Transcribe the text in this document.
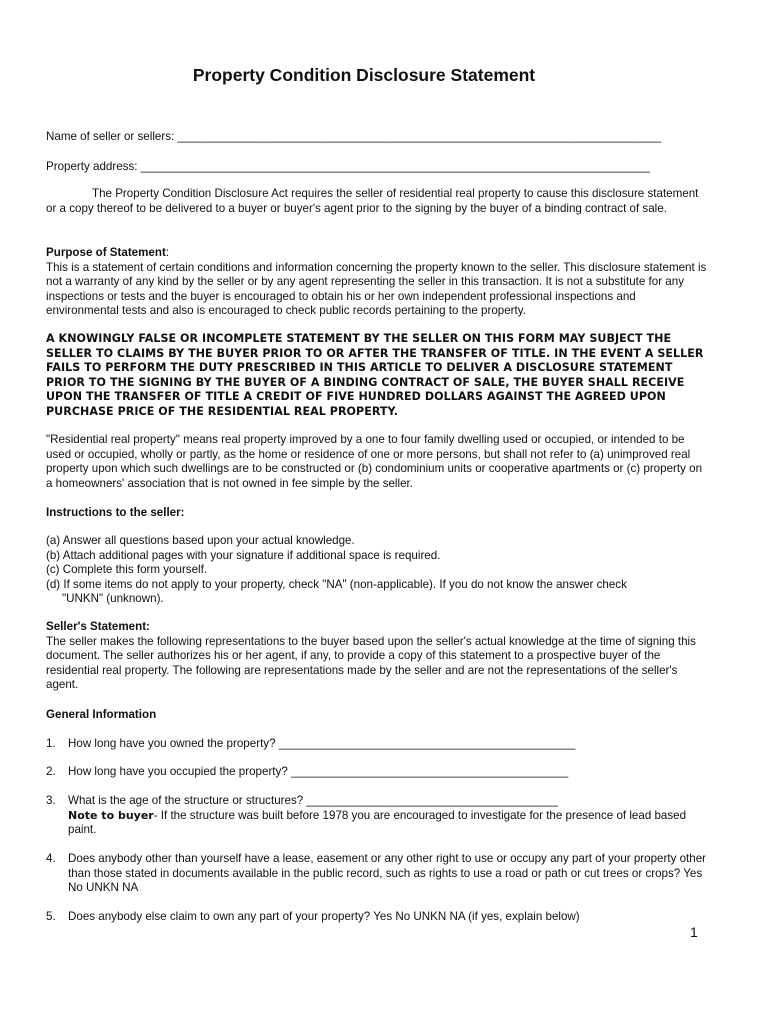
Property Condition Disclosure Statement
Name of seller or sellers: ___________________________________________________________________________
Property address: _______________________________________________________________________________

The Property Condition Disclosure Act requires the seller of residential real property to cause this disclosure statement or a copy thereof to be delivered to a buyer or buyer's agent prior to the signing by the buyer of a binding contract of sale.

Purpose of Statement:

This is a statement of certain conditions and information concerning the property known to the seller. This disclosure statement is not a warranty of any kind by the seller or by any agent representing the seller in this transaction. It is not a substitute for any inspections or tests and the buyer is encouraged to obtain his or her own independent professional inspections and environmental tests and also is encouraged to check public records pertaining to the property.

A KNOWINGLY FALSE OR INCOMPLETE STATEMENT BY THE SELLER ON THIS FORM MAY SUBJECT THE SELLER TO CLAIMS BY THE BUYER PRIOR TO OR AFTER THE TRANSFER OF TITLE. IN THE EVENT A SELLER FAILS TO PERFORM THE DUTY PRESCRIBED IN THIS ARTICLE TO DELIVER A DISCLOSURE STATEMENT PRIOR TO THE SIGNING BY THE BUYER OF A BINDING CONTRACT OF SALE, THE BUYER SHALL RECEIVE UPON THE TRANSFER OF TITLE A CREDIT OF FIVE HUNDRED DOLLARS AGAINST THE AGREED UPON PURCHASE PRICE OF THE RESIDENTIAL REAL PROPERTY.

"Residential real property" means real property improved by a one to four family dwelling used or occupied, or intended to be used or occupied, wholly or partly, as the home or residence of one or more persons, but shall not refer to (a) unimproved real property upon which such dwellings are to be constructed or (b) condominium units or cooperative apartments or (c) property on a homeowners' association that is not owned in fee simple by the seller.

Instructions to the seller:

(a) Answer all questions based upon your actual knowledge.

(b) Attach additional pages with your signature if additional space is required.

(c) Complete this form yourself.

(d) If some items do not apply to your property, check "NA" (non-applicable). If you do not know the answer check

"UNKN" (unknown).

Seller's Statement:

The seller makes the following representations to the buyer based upon the seller's actual knowledge at the time of signing this document. The seller authorizes his or her agent, if any, to provide a copy of this statement to a prospective buyer of the residential real property. The following are representations made by the seller and are not the representations of the seller's agent.

General Information

1.	How long have you owned the property? ______________________________________________

2.	How long have you occupied the property? ___________________________________________

3.	What is the age of the structure or structures? _______________________________________

Note to buyer- If the structure was built before 1978 you are encouraged to investigate for the presence of lead based paint.

4.	Does anybody other than yourself have a lease, easement or any other right to use or occupy any part of your property other than those stated in documents available in the public record, such as rights to use a road or path or cut trees or crops? Yes No UNKN NA

5.	Does anybody else claim to own any part of your property? Yes No UNKN NA (if yes, explain below)

1
